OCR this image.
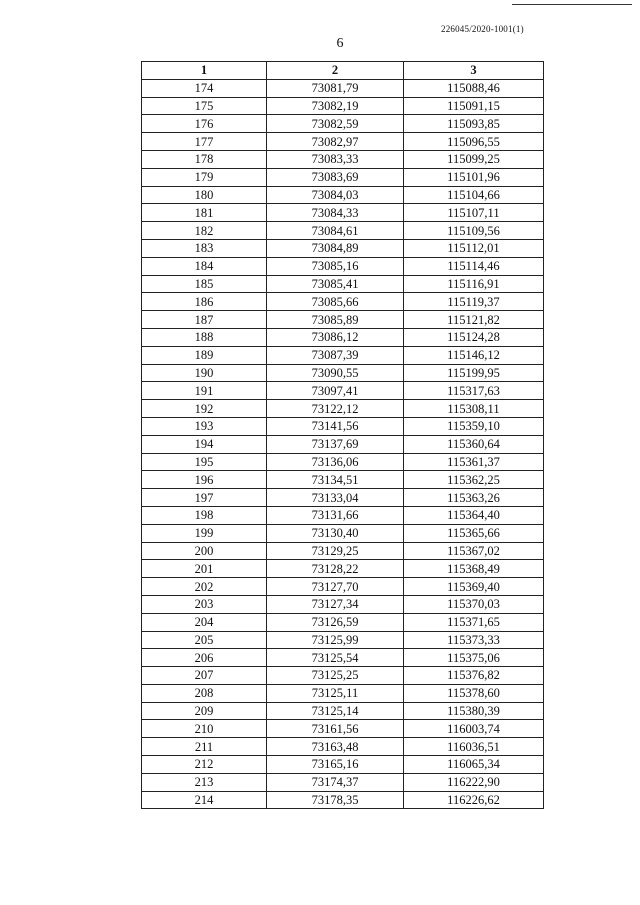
226045/2020-1001(1)
6
1	2	3
174	73081,79	115088,46
175	73082,19	115091,15
176	73082,59	115093,85
177	73082,97	115096,55
178	73083,33	115099,25
179	73083,69	115101,96
180	73084,03	115104,66
181	73084,33	115107,11
182	73084,61	115109,56
183	73084,89	115112,01
184	73085,16	115114,46
185	73085,41	115116,91
186	73085,66	115119,37
187	73085,89	115121,82
188	73086,12	115124,28
189	73087,39	115146,12
190	73090,55	115199,95
191	73097,41	115317,63
192	73122,12	115308,11
193	73141,56	115359,10
194	73137,69	115360,64
195	73136,06	115361,37
196	73134,51	115362,25
197	73133,04	115363,26
198	73131,66	115364,40
199	73130,40	115365,66
200	73129,25	115367,02
201	73128,22	115368,49
202	73127,70	115369,40
203	73127,34	115370,03
204	73126,59	115371,65
205	73125,99	115373,33
206	73125,54	115375,06
207	73125,25	115376,82
208	73125,11	115378,60
209	73125,14	115380,39
210	73161,56	116003,74
211	73163,48	116036,51
212	73165,16	116065,34
213	73174,37	116222,90
214	73178,35	116226,62
